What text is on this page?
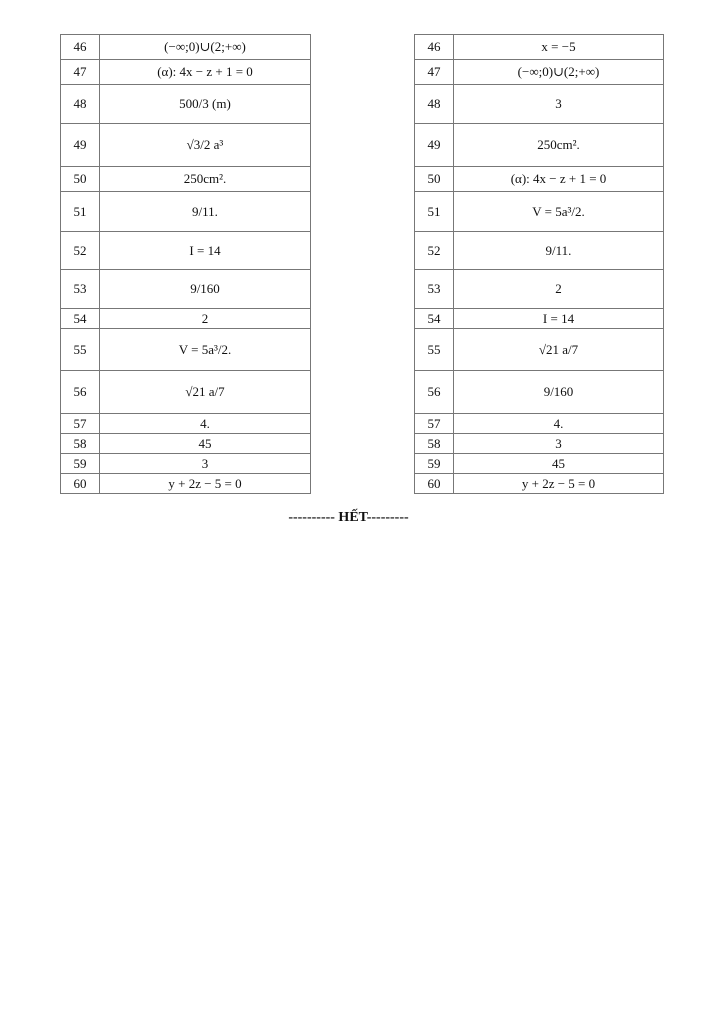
46	(−∞;0)∪(2;+∞)
47	(α): 4x − z + 1 = 0
48	500/3 (m)
49	√3/2 a³
50	250cm².
51	9/11.
52	I = 14
53	9/160
54	2
55	V = 5a³/2.
56	√21 a/7
57	4.
58	45
59	3
60	y + 2z − 5 = 0
46	x = −5
47	(−∞;0)∪(2;+∞)
48	3
49	250cm².
50	(α): 4x − z + 1 = 0
51	V = 5a³/2.
52	9/11.
53	2
54	I = 14
55	√21 a/7
56	9/160
57	4.
58	3
59	45
60	y + 2z − 5 = 0
---------- HẾT---------
